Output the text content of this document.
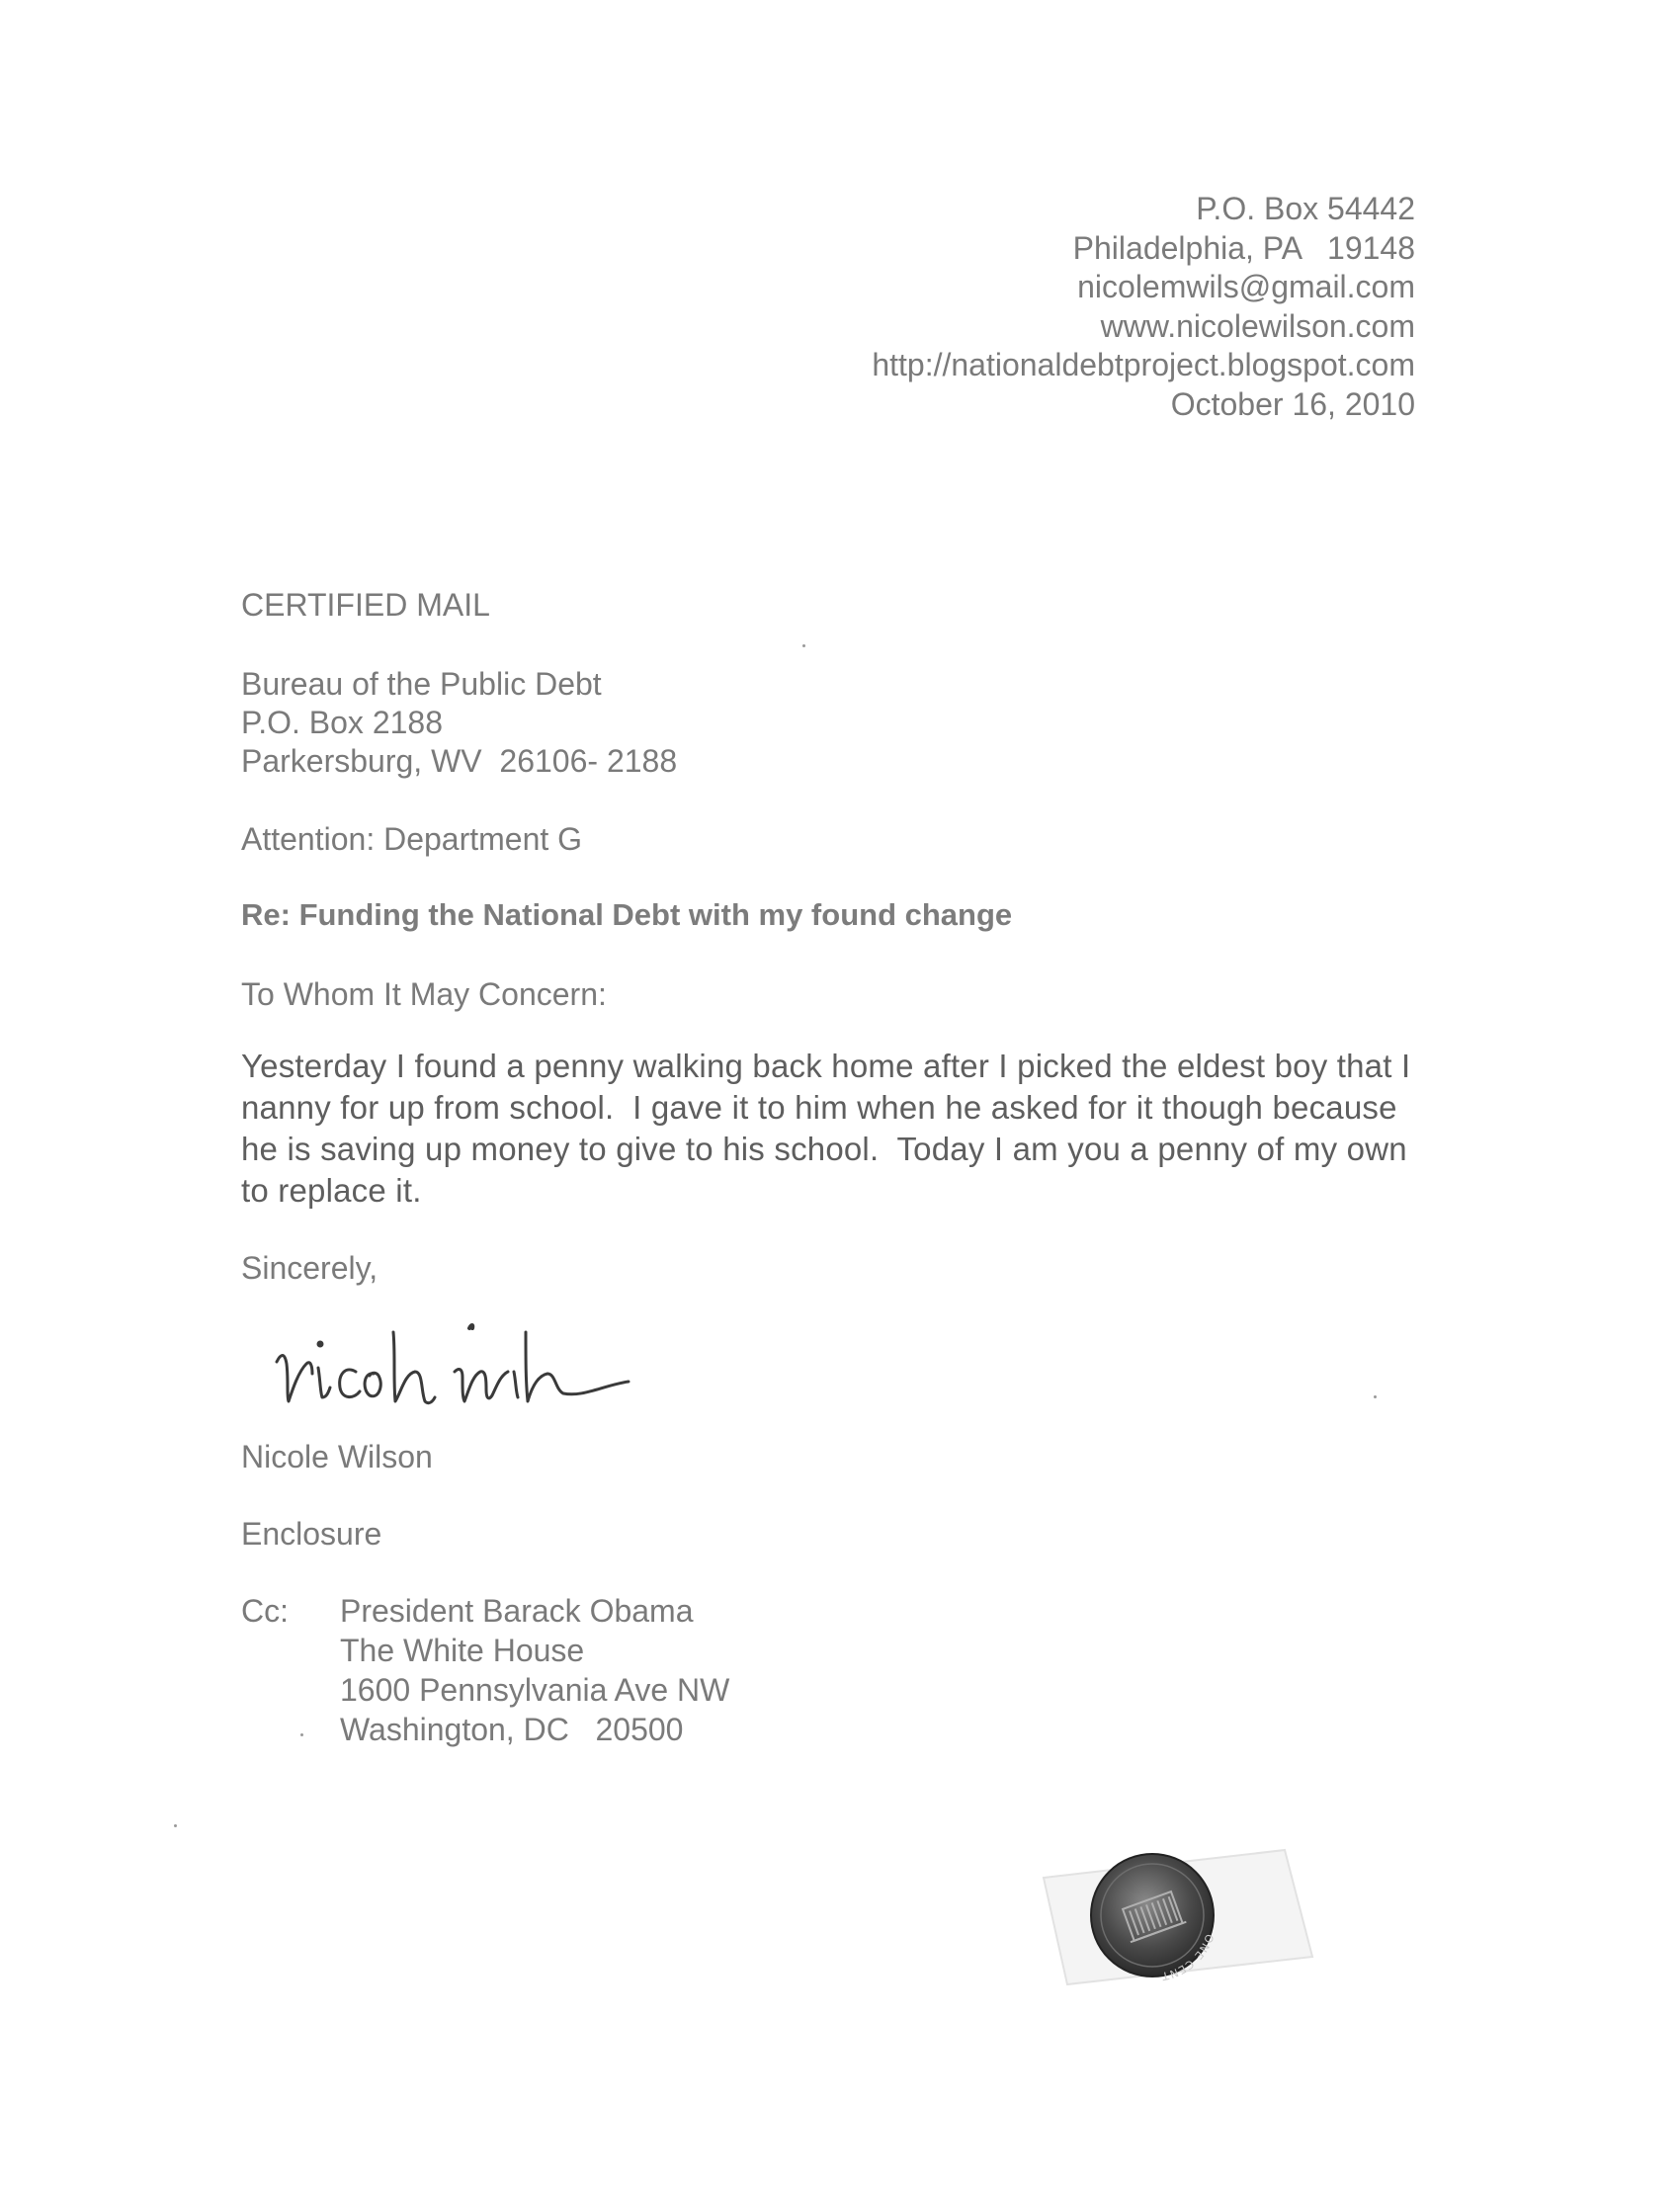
P.O. Box 54442
Philadelphia, PA   19148
nicolemwils@gmail.com
www.nicolewilson.com
http://nationaldebtproject.blogspot.com
October 16, 2010

CERTIFIED MAIL

Bureau of the Public Debt

P.O. Box 2188

Parkersburg, WV  26106- 2188

Attention: Department G

Re: Funding the National Debt with my found change

To Whom It May Concern:

Yesterday I found a penny walking back home after I picked the eldest boy that I
nanny for up from school.  I gave it to him when he asked for it though because
he is saving up money to give to his school.  Today I am you a penny of my own
to replace it.

Sincerely,

Nicole Wilson

Enclosure

Cc: President Barack Obama
The White House
1600 Pennsylvania Ave NW
Washington, DC   20500
ONE CENT
